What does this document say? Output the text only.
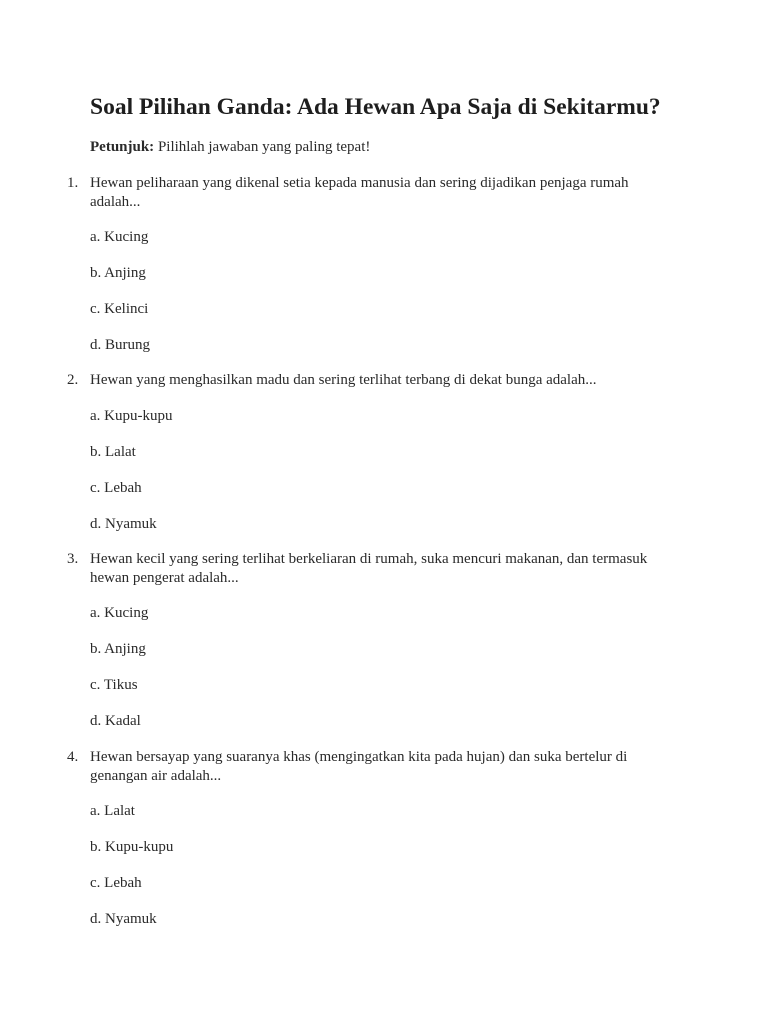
Soal Pilihan Ganda: Ada Hewan Apa Saja di Sekitarmu?
Petunjuk: Pilihlah jawaban yang paling tepat!
1. Hewan peliharaan yang dikenal setia kepada manusia dan sering dijadikan penjaga rumah adalah...
a. Kucing
b. Anjing
c. Kelinci
d. Burung
2. Hewan yang menghasilkan madu dan sering terlihat terbang di dekat bunga adalah...
a. Kupu-kupu
b. Lalat
c. Lebah
d. Nyamuk
3. Hewan kecil yang sering terlihat berkeliaran di rumah, suka mencuri makanan, dan termasuk hewan pengerat adalah...
a. Kucing
b. Anjing
c. Tikus
d. Kadal
4. Hewan bersayap yang suaranya khas (mengingatkan kita pada hujan) dan suka bertelur di genangan air adalah...
a. Lalat
b. Kupu-kupu
c. Lebah
d. Nyamuk
